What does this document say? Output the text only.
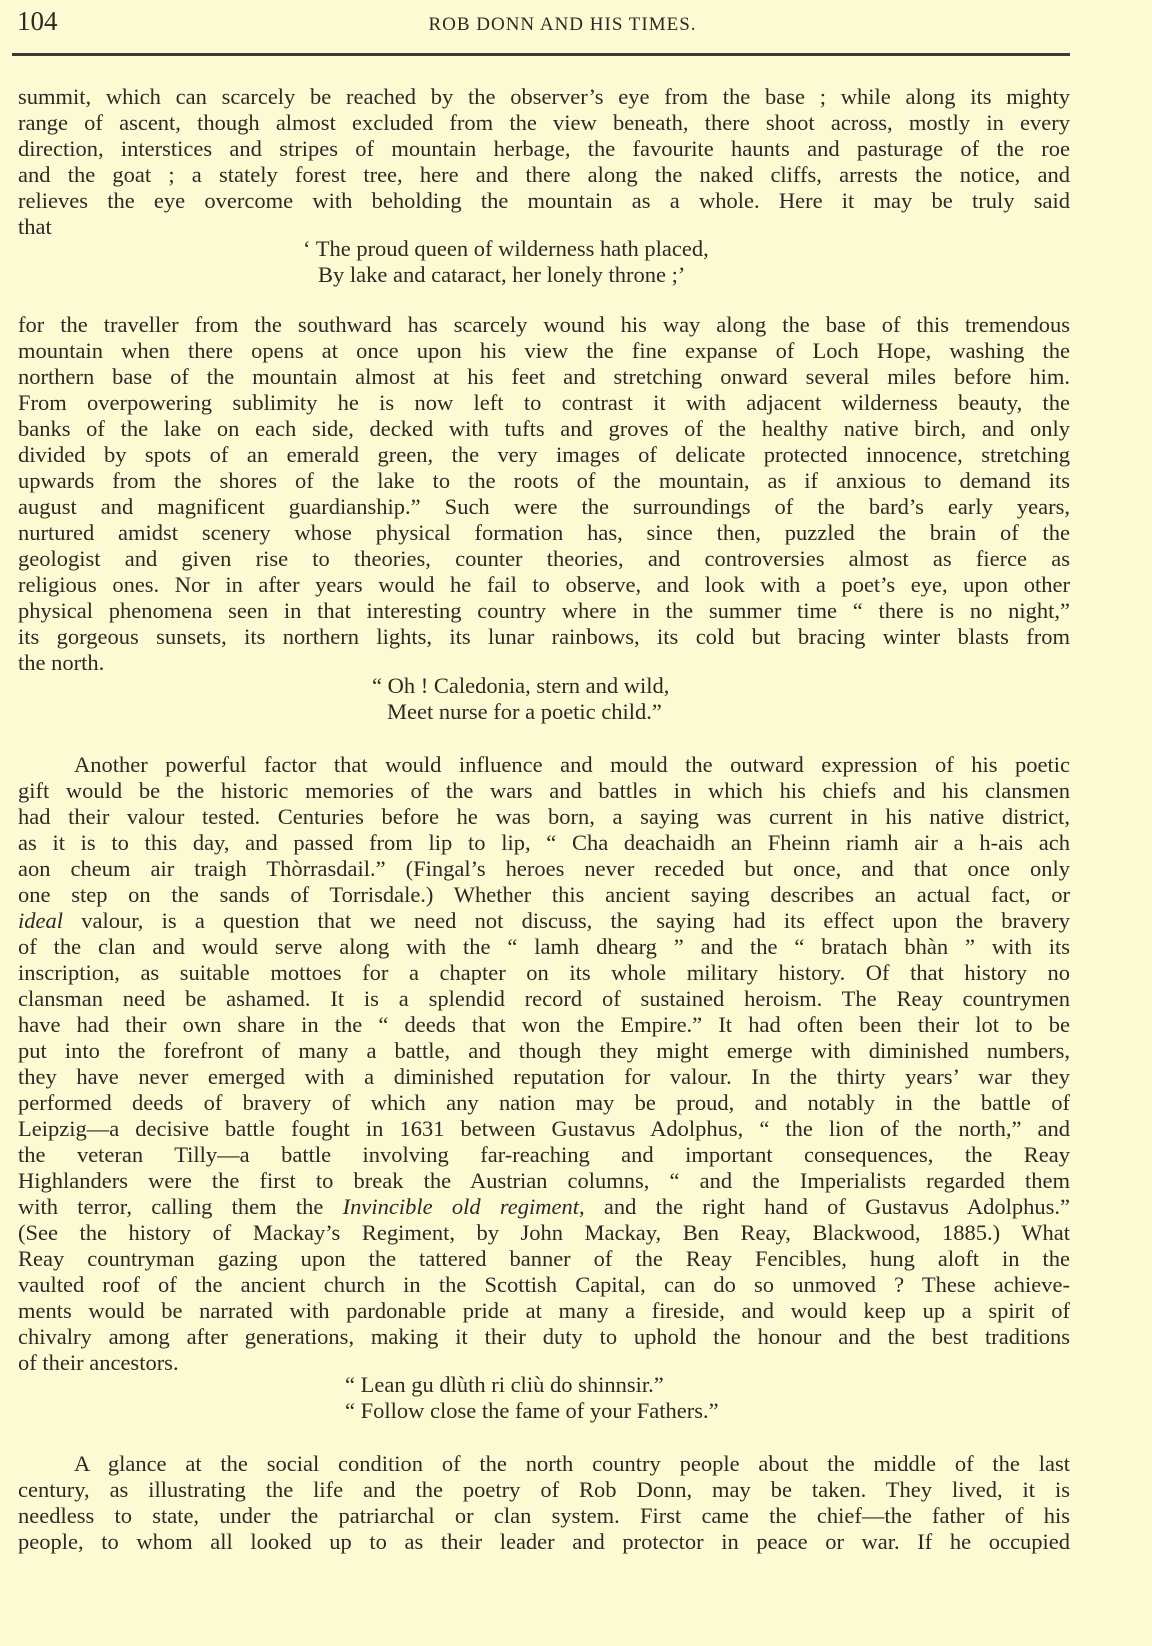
104	ROB DONN AND HIS TIMES.
summit, which can scarcely be reached by the observer’s eye from the base ; while along its mighty
range of ascent, though almost excluded from the view beneath, there shoot across, mostly in every
direction, interstices and stripes of mountain herbage, the favourite haunts and pasturage of the roe
and the goat ; a stately forest tree, here and there along the naked cliffs, arrests the notice, and
relieves the eye overcome with beholding the mountain as a whole. Here it may be truly said
that
‘ The proud queen of wilderness hath placed,
By lake and cataract, her lonely throne ;’
for the traveller from the southward has scarcely wound his way along the base of this tremendous
mountain when there opens at once upon his view the fine expanse of Loch Hope, washing the
northern base of the mountain almost at his feet and stretching onward several miles before him.
From overpowering sublimity he is now left to contrast it with adjacent wilderness beauty, the
banks of the lake on each side, decked with tufts and groves of the healthy native birch, and only
divided by spots of an emerald green, the very images of delicate protected innocence, stretching
upwards from the shores of the lake to the roots of the mountain, as if anxious to demand its
august and magnificent guardianship.” Such were the surroundings of the bard’s early years,
nurtured amidst scenery whose physical formation has, since then, puzzled the brain of the
geologist and given rise to theories, counter theories, and controversies almost as fierce as
religious ones. Nor in after years would he fail to observe, and look with a poet’s eye, upon other
physical phenomena seen in that interesting country where in the summer time “ there is no night,”
its gorgeous sunsets, its northern lights, its lunar rainbows, its cold but bracing winter blasts from
the north.
“ Oh ! Caledonia, stern and wild,
Meet nurse for a poetic child.”
Another powerful factor that would influence and mould the outward expression of his poetic
gift would be the historic memories of the wars and battles in which his chiefs and his clansmen
had their valour tested. Centuries before he was born, a saying was current in his native district,
as it is to this day, and passed from lip to lip, “ Cha deachaidh an Fheinn riamh air a h-ais ach
aon cheum air traigh Thòrrasdail.” (Fingal’s heroes never receded but once, and that once only
one step on the sands of Torrisdale.) Whether this ancient saying describes an actual fact, or
ideal valour, is a question that we need not discuss, the saying had its effect upon the bravery
of the clan and would serve along with the “ lamh dhearg ” and the “ bratach bhàn ” with its
inscription, as suitable mottoes for a chapter on its whole military history. Of that history no
clansman need be ashamed. It is a splendid record of sustained heroism. The Reay countrymen
have had their own share in the “ deeds that won the Empire.” It had often been their lot to be
put into the forefront of many a battle, and though they might emerge with diminished numbers,
they have never emerged with a diminished reputation for valour. In the thirty years’ war they
performed deeds of bravery of which any nation may be proud, and notably in the battle of
Leipzig—a decisive battle fought in 1631 between Gustavus Adolphus, “ the lion of the north,” and
the veteran Tilly—a battle involving far-reaching and important consequences, the Reay
Highlanders were the first to break the Austrian columns, “ and the Imperialists regarded them
with terror, calling them the Invincible old regiment, and the right hand of Gustavus Adolphus.”
(See the history of Mackay’s Regiment, by John Mackay, Ben Reay, Blackwood, 1885.) What
Reay countryman gazing upon the tattered banner of the Reay Fencibles, hung aloft in the
vaulted roof of the ancient church in the Scottish Capital, can do so unmoved ? These achieve-
ments would be narrated with pardonable pride at many a fireside, and would keep up a spirit of
chivalry among after generations, making it their duty to uphold the honour and the best traditions
of their ancestors.
“ Lean gu dlùth ri cliù do shinnsir.”
“ Follow close the fame of your Fathers.”
A glance at the social condition of the north country people about the middle of the last
century, as illustrating the life and the poetry of Rob Donn, may be taken. They lived, it is
needless to state, under the patriarchal or clan system. First came the chief—the father of his
people, to whom all looked up to as their leader and protector in peace or war. If he occupied
